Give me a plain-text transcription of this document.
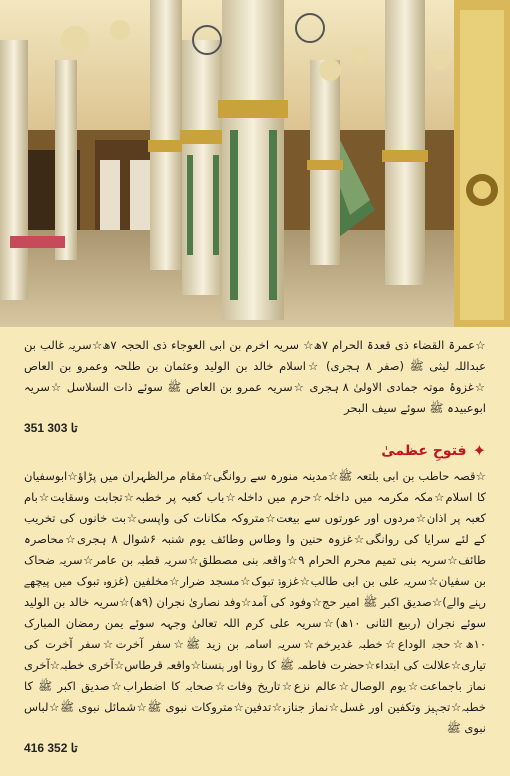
☆عمرۃ القضاء ذی قعدۃ الحرام ۷ھ☆ سریہ اخرم بن ابی العوجاء ذی الحجہ ۷ھ☆سریہ غالب بن عبداللہ لیثی ﷺ (صفر ۸ ہجری) ☆اسلام خالد بن الولید وعثمان بن طلحہ وعمرو بن العاص ☆غزوۂ موتہ جمادی الاولیٰ ۸ ہجری ☆سریہ عمرو بن العاص ﷺ سوئے ذات السلاسل ☆سریہ ابوعبیدہ ﷺ سوئے سیف البحر

351 تا 303
✦
فتوحِ عظمیٰ

☆قصہ حاطب بن ابی بلتعہ ﷺ☆مدینہ منورہ سے روانگی☆مقام مرالظہران میں پڑاؤ☆ابوسفیان کا اسلام☆مکہ مکرمہ میں داخلہ☆حرم میں داخلہ☆باب کعبہ پر خطبہ☆تجابت وسقایت☆بام کعبہ پر اذان☆مردوں اور عورتوں سے بیعت☆متروکہ مکانات کی واپسی☆بت خانوں کی تخریب کے لئے سرایا کی روانگی☆غزوہ حنین وا وطاس وطائف یوم شنبہ ۶شوال ۸ ہجری☆محاصرہ طائف☆سریہ بنی تمیم محرم الحرام ۹☆واقعہ بنی مصطلق☆سریہ قطبہ بن عامر☆سریہ ضحاک بن سفیان☆سریہ علی بن ابی طالب☆غزوۂ تبوک☆مسجد ضرار☆مخلفین (غزوہ تبوک میں پیچھے رہنے والے)☆صدیق اکبر ﷺ امیر حج☆وفود کی آمد☆وفد نصاریٰ نجران (۹ھ)☆سریہ خالد بن الولید سوئے نجران (ربیع الثانی ۱۰ھ)☆سریہ علی کرم اللہ تعالیٰ وجہہ سوئے یمن رمضان المبارک ۱۰ھ☆حجۃ الوداع☆خطبہ غدیرخم☆سریہ اسامہ بن زید ﷺ☆سفر آخرت☆سفر آخرت کی تیاری☆علالت کی ابتداء☆حضرت فاطمہ ﷺ کا رونا اور ہنسنا☆واقعہ قرطاس☆آخری خطبہ☆آخری نماز باجماعت☆یوم الوصال☆عالم نزع☆تاریخ وفات☆صحابہ کا اضطراب☆صدیق اکبر ﷺ کا خطبہ☆تجہیز وتکفین اور غسل☆نماز جنازہ☆تدفین☆متروکات نبوی ﷺ☆شمائل نبوی ﷺ☆لباس نبوی ﷺ

416 تا 352
